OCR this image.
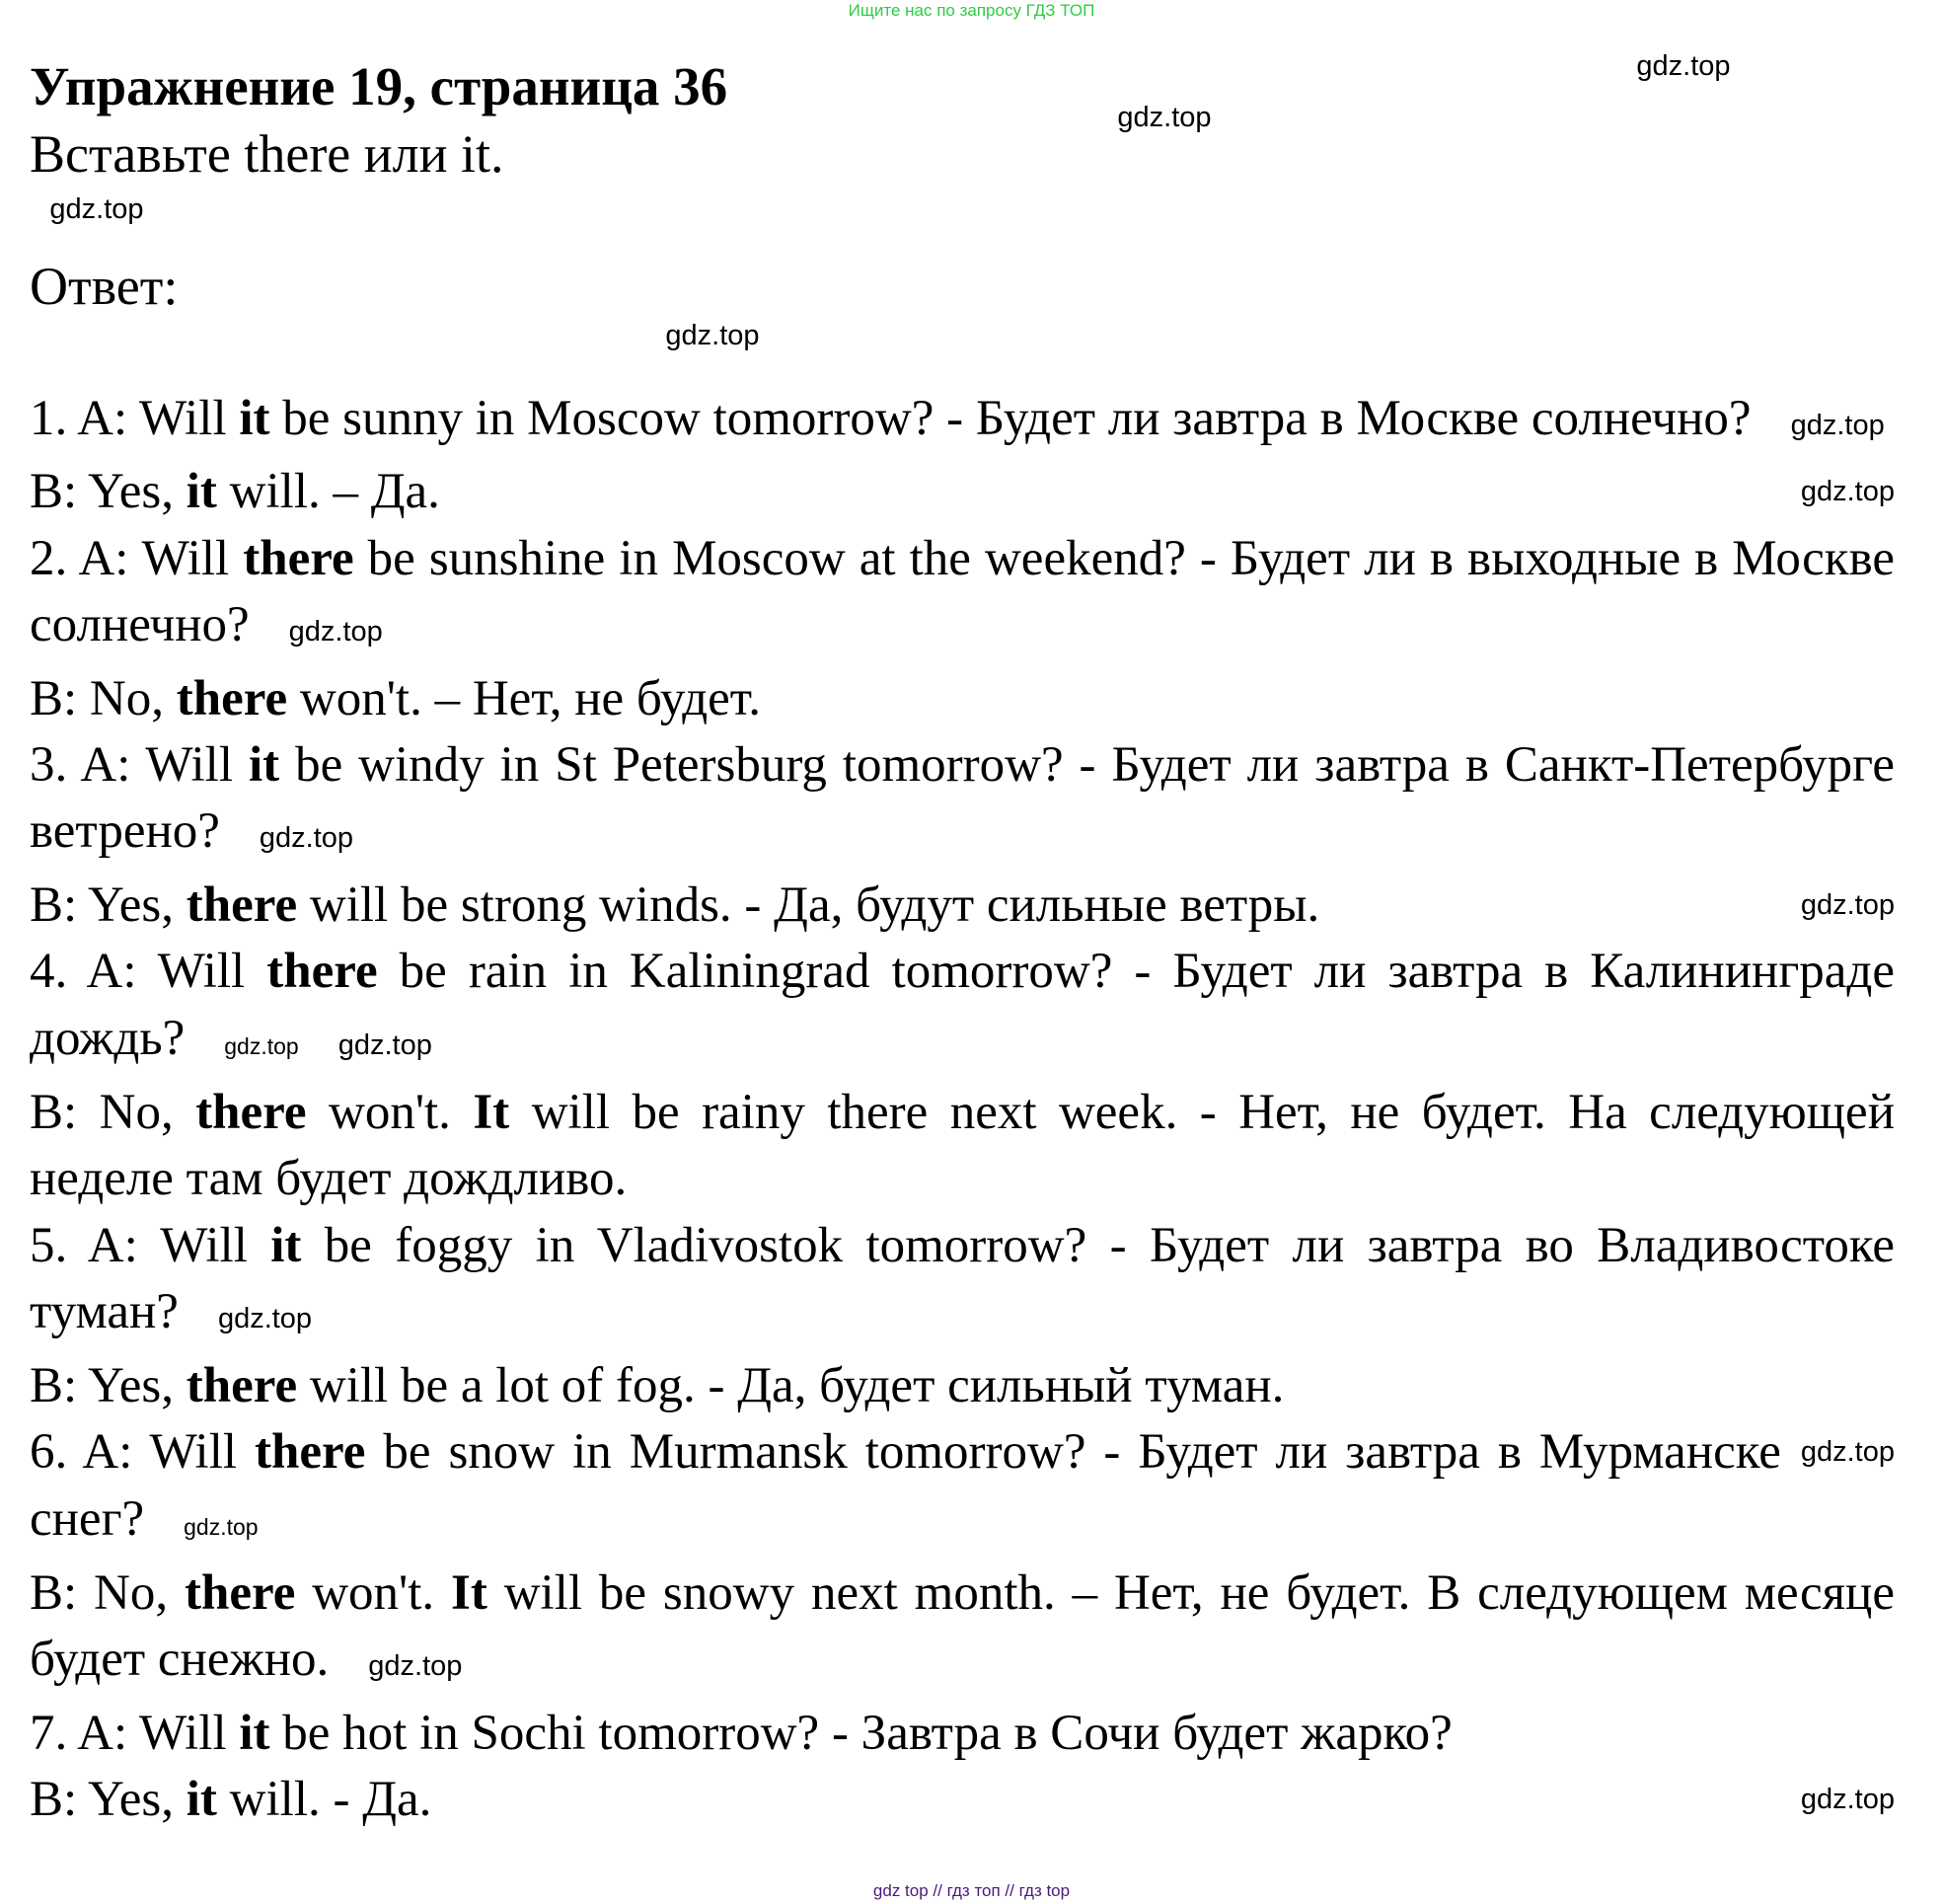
Ищите нас по запросу ГДЗ ТОП
Упражнение 19, страница 36
Вставьте there или it.
Ответ:

1. A: Will it be sunny in Moscow tomorrow? - Будет ли завтра в Москве солнечно? gdz.top

gdz.top
B: Yes, it will. – Да.

2. A: Will there be sunshine in Moscow at the weekend? - Будет ли в выходные в Москве солнечно? gdz.top

B: No, there won't. – Нет, не будет.

3. A: Will it be windy in St Petersburg tomorrow? - Будет ли завтра в Санкт-Петербурге ветрено? gdz.top

gdz.top
B: Yes, there will be strong winds. - Да, будут сильные ветры.

4. A: Will there be rain in Kaliningrad tomorrow? - Будет ли завтра в Калининграде дождь? gdz.top gdz.top

B: No, there won't. It will be rainy there next week. - Нет, не будет. На следующей неделе там будет дождливо.

5. A: Will it be foggy in Vladivostok tomorrow? - Будет ли завтра во Владивостоке туман? gdz.top

B: Yes, there will be a lot of fog. - Да, будет сильный туман.

gdz.top
6. A: Will there be snow in Murmansk tomorrow? - Будет ли завтра в Мурманске снег? gdz.top

B: No, there won't. It will be snowy next month. – Нет, не будет. В следующем месяце будет снежно. gdz.top

7. A: Will it be hot in Sochi tomorrow? - Завтра в Сочи будет жарко?

gdz.top
B: Yes, it will. - Да.

gdz top // гдз топ // гдз top
gdz.top
gdz.top
gdz.top
gdz.top
